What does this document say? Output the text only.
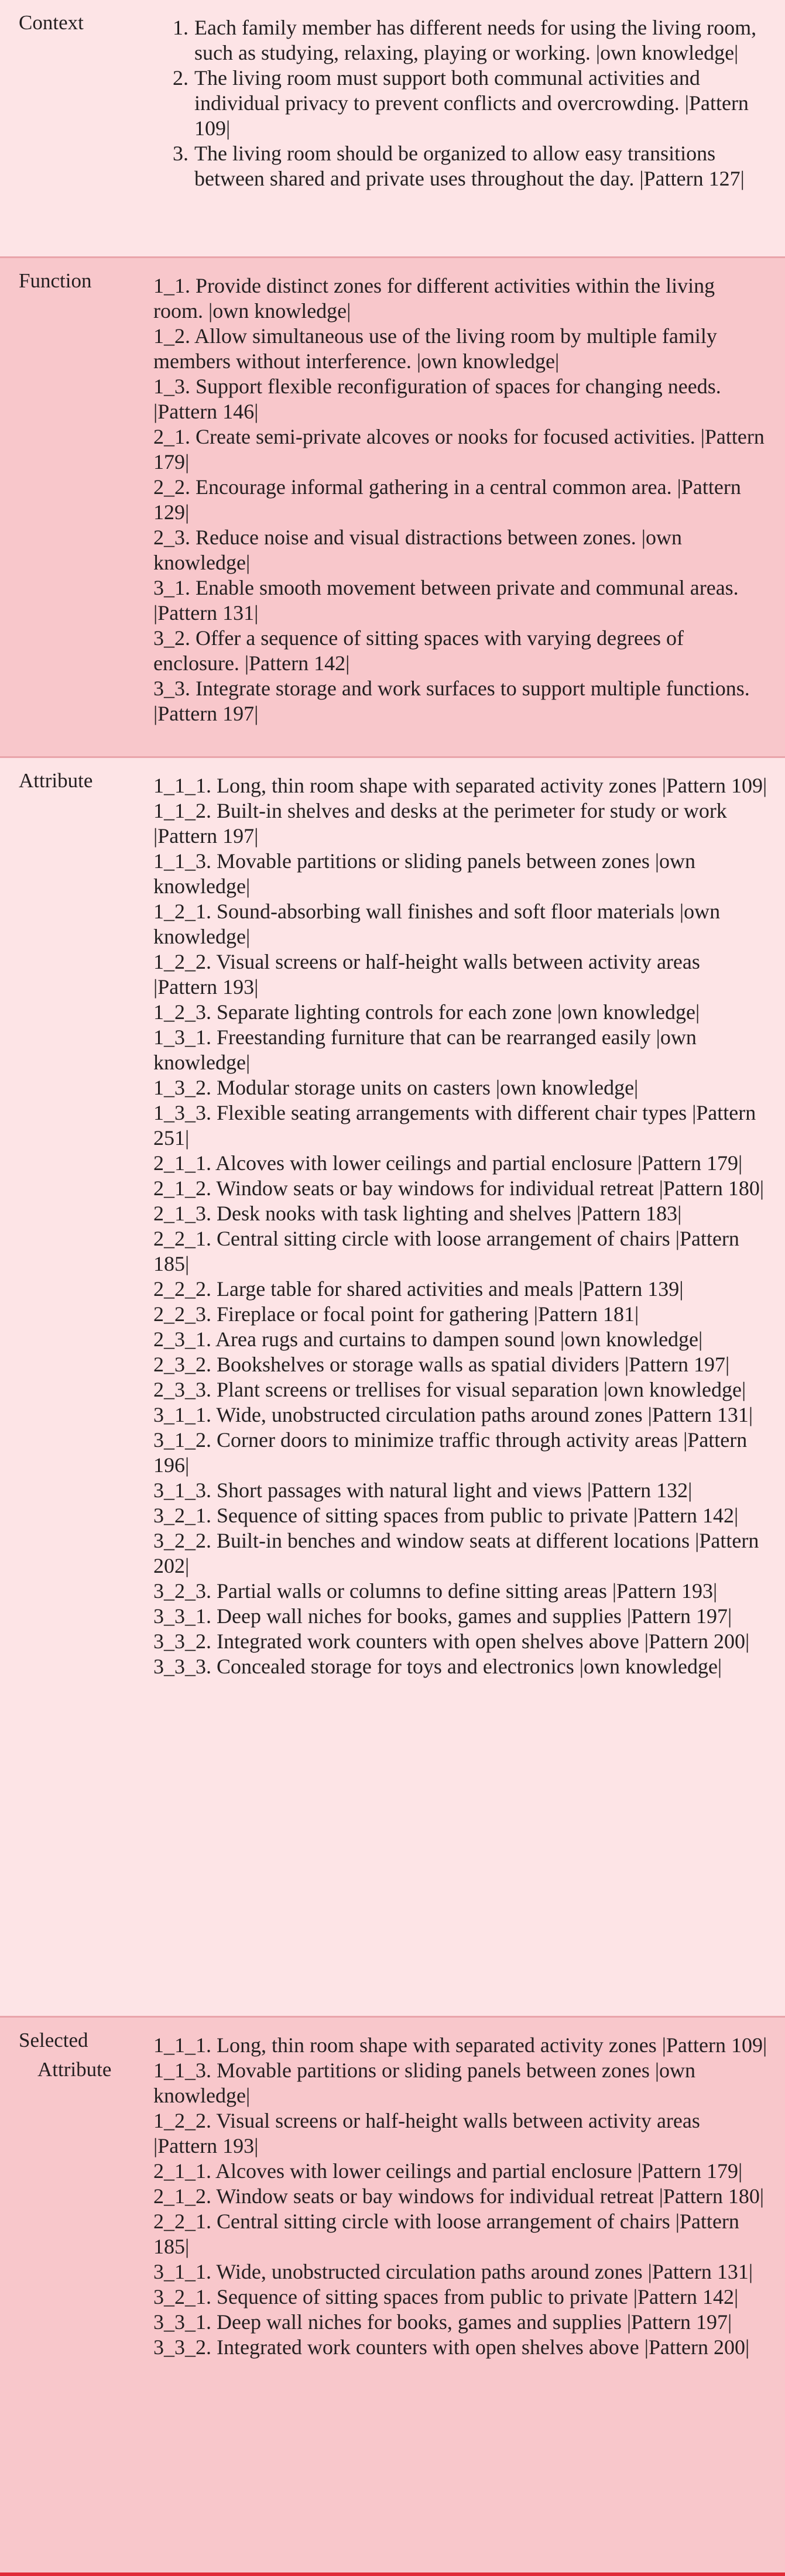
Context	1. Each family member has different needs for using the living room, such as studying, relaxing, playing or working. |own knowledge|
2. The living room must support both communal activities and individual privacy to prevent conflicts and overcrowding. |Pattern 109|
3. The living room should be organized to allow easy transitions between shared and private uses throughout the day. |Pattern 127|
Function	1_1. Provide distinct zones for different activities within the living room. |own knowledge|
1_2. Allow simultaneous use of the living room by multiple family members without interference. |own knowledge|
1_3. Support flexible reconfiguration of spaces for changing needs. |Pattern 146|
2_1. Create semi-private alcoves or nooks for focused activities. |Pattern 179|
2_2. Encourage informal gathering in a central common area. |Pattern 129|
2_3. Reduce noise and visual distractions between zones. |own knowledge|
3_1. Enable smooth movement between private and communal areas. |Pattern 131|
3_2. Offer a sequence of sitting spaces with varying degrees of enclosure. |Pattern 142|
3_3. Integrate storage and work surfaces to support multiple functions. |Pattern 197|
Attribute	1_1_1. Long, thin room shape with separated activity zones |Pattern 109|
1_1_2. Built-in shelves and desks at the perimeter for study or work |Pattern 197|
1_1_3. Movable partitions or sliding panels between zones |own knowledge|
1_2_1. Sound-absorbing wall finishes and soft floor materials |own knowledge|
1_2_2. Visual screens or half-height walls between activity areas |Pattern 193|
1_2_3. Separate lighting controls for each zone |own knowledge|
1_3_1. Freestanding furniture that can be rearranged easily |own knowledge|
1_3_2. Modular storage units on casters |own knowledge|
1_3_3. Flexible seating arrangements with different chair types |Pattern 251|
2_1_1. Alcoves with lower ceilings and partial enclosure |Pattern 179|
2_1_2. Window seats or bay windows for individual retreat |Pattern 180|
2_1_3. Desk nooks with task lighting and shelves |Pattern 183|
2_2_1. Central sitting circle with loose arrangement of chairs |Pattern 185|
2_2_2. Large table for shared activities and meals |Pattern 139|
2_2_3. Fireplace or focal point for gathering |Pattern 181|
2_3_1. Area rugs and curtains to dampen sound |own knowledge|
2_3_2. Bookshelves or storage walls as spatial dividers |Pattern 197|
2_3_3. Plant screens or trellises for visual separation |own knowledge|
3_1_1. Wide, unobstructed circulation paths around zones |Pattern 131|
3_1_2. Corner doors to minimize traffic through activity areas |Pattern 196|
3_1_3. Short passages with natural light and views |Pattern 132|
3_2_1. Sequence of sitting spaces from public to private |Pattern 142|
3_2_2. Built-in benches and window seats at different locations |Pattern 202|
3_2_3. Partial walls or columns to define sitting areas |Pattern 193|
3_3_1. Deep wall niches for books, games and supplies |Pattern 197|
3_3_2. Integrated work counters with open shelves above |Pattern 200|
3_3_3. Concealed storage for toys and electronics |own knowledge|
Selected
Attribute
1_1_1. Long, thin room shape with separated activity zones |Pattern 109|
1_1_3. Movable partitions or sliding panels between zones |own knowledge|
1_2_2. Visual screens or half-height walls between activity areas |Pattern 193|
2_1_1. Alcoves with lower ceilings and partial enclosure |Pattern 179|
2_1_2. Window seats or bay windows for individual retreat |Pattern 180|
2_2_1. Central sitting circle with loose arrangement of chairs |Pattern 185|
3_1_1. Wide, unobstructed circulation paths around zones |Pattern 131|
3_2_1. Sequence of sitting spaces from public to private |Pattern 142|
3_3_1. Deep wall niches for books, games and supplies |Pattern 197|
3_3_2. Integrated work counters with open shelves above |Pattern 200|
